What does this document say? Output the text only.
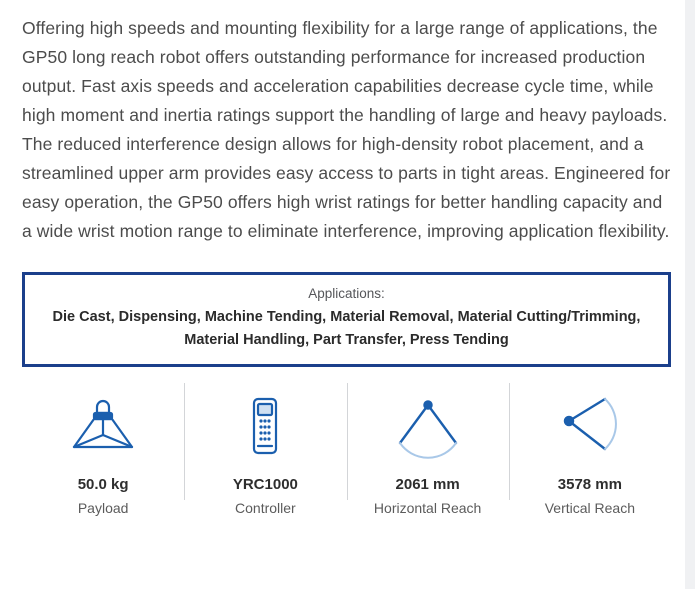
Offering high speeds and mounting flexibility for a large range of applications, the GP50 long reach robot offers outstanding performance for increased production output. Fast axis speeds and acceleration capabilities decrease cycle time, while high moment and inertia ratings support the handling of large and heavy payloads. The reduced interference design allows for high-density robot placement, and a streamlined upper arm provides easy access to parts in tight areas. Engineered for easy operation, the GP50 offers high wrist ratings for better handling capacity and a wide wrist motion range to eliminate interference, improving application flexibility.

Applications:
Die Cast, Dispensing, Machine Tending, Material Removal, Material Cutting/Trimming, Material Handling, Part Transfer, Press Tending
50.0 kg
Payload
YRC1000
Controller
2061 mm
Horizontal Reach
3578 mm
Vertical Reach
